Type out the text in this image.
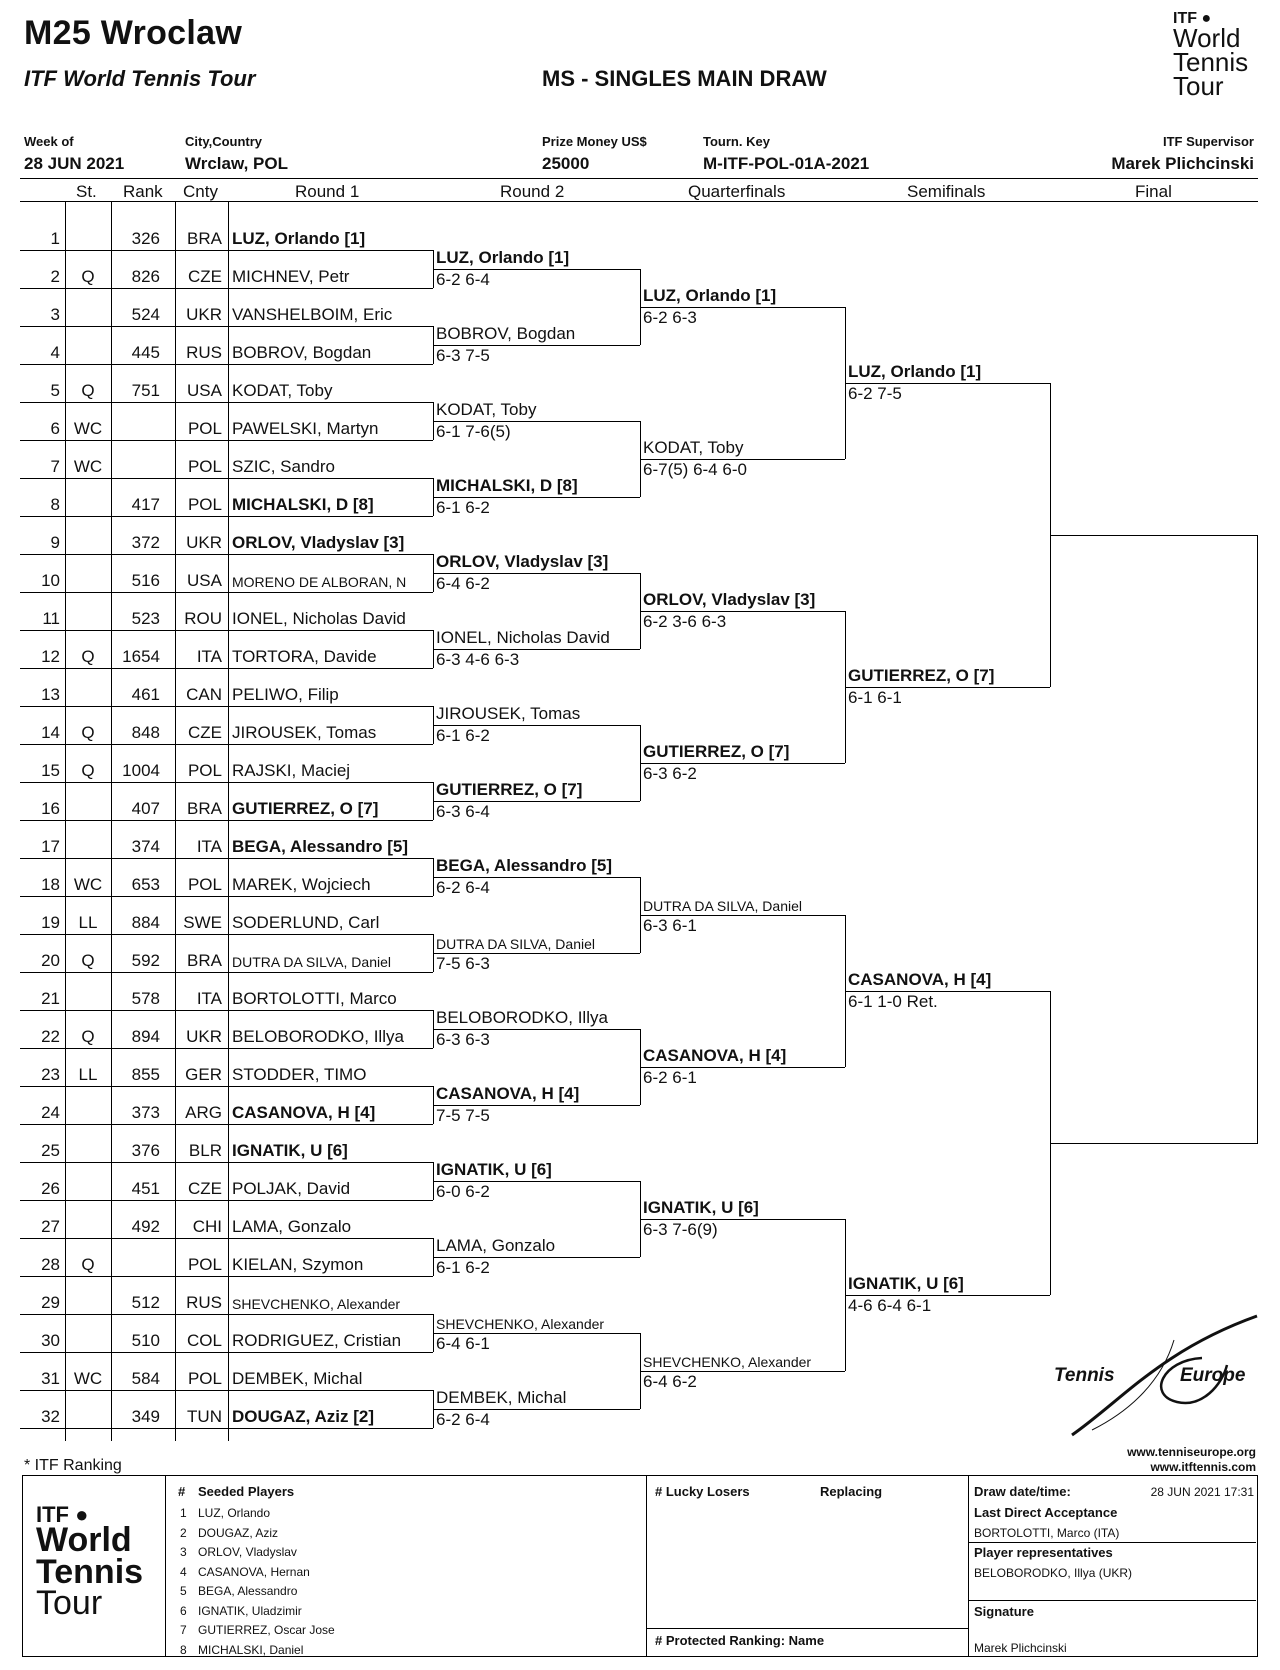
M25 Wroclaw
ITF World Tennis Tour	MS - SINGLES MAIN DRAW
ITF ●
World
Tennis
Tour
Week of
28 JUN 2021
City,Country
Wrclaw, POL
Prize Money US$
25000
Tourn. Key
M-ITF-POL-01A-2021
ITF Supervisor
Marek Plichcinski
St. Rank Cnty	Round 1	Round 2	Quarterfinals	Semifinals	Final
1	326	BRA LUZ, Orlando [1]
2	Q	826	CZE MICHNEV, Petr
3	524	UKR VANSHELBOIM, Eric
4	445	RUS BOBROV, Bogdan
5	Q	751	USA KODAT, Toby
6 WC	POL PAWELSKI, Martyn
7 WC	POL SZIC, Sandro
8	417	POL MICHALSKI, D [8]
9	372	UKR ORLOV, Vladyslav [3]
10	516	USA MORENO DE ALBORAN, N
11	523	ROU IONEL, Nicholas David
12	Q	1654	ITA TORTORA, Davide
13	461	CAN PELIWO, Filip
14	Q	848	CZE JIROUSEK, Tomas
15	Q	1004	POL RAJSKI, Maciej
16	407	BRA GUTIERREZ, O [7]
17	374	ITA BEGA, Alessandro [5]
18 WC	653	POL MAREK, Wojciech
19	LL	884	SWE SODERLUND, Carl
20	Q	592	BRA DUTRA DA SILVA, Daniel
21	578	ITA BORTOLOTTI, Marco
22	Q	894	UKR BELOBORODKO, Illya
23	LL	855	GER STODDER, TIMO
24	373	ARG CASANOVA, H [4]
25	376	BLR IGNATIK, U [6]
26	451	CZE POLJAK, David
27	492	CHI LAMA, Gonzalo
28	Q	POL KIELAN, Szymon
29	512	RUS SHEVCHENKO, Alexander
30	510	COL RODRIGUEZ, Cristian
31 WC	584	POL DEMBEK, Michal
32	349	TUN DOUGAZ, Aziz [2]
LUZ, Orlando [1]
6-2 6-4
BOBROV, Bogdan
6-3 7-5
KODAT, Toby
6-1 7-6(5)
MICHALSKI, D [8]
6-1 6-2
ORLOV, Vladyslav [3]
6-4 6-2
IONEL, Nicholas David
6-3 4-6 6-3
JIROUSEK, Tomas
6-1 6-2
GUTIERREZ, O [7]
6-3 6-4
BEGA, Alessandro [5]
6-2 6-4
DUTRA DA SILVA, Daniel
7-5 6-3
BELOBORODKO, Illya
6-3 6-3
CASANOVA, H [4]
7-5 7-5
IGNATIK, U [6]
6-0 6-2
LAMA, Gonzalo
6-1 6-2
SHEVCHENKO, Alexander
6-4 6-1
DEMBEK, Michal
6-2 6-4
LUZ, Orlando [1]
6-2 6-3
KODAT, Toby
6-7(5) 6-4 6-0
ORLOV, Vladyslav [3]
6-2 3-6 6-3
GUTIERREZ, O [7]
6-3 6-2
DUTRA DA SILVA, Daniel
6-3 6-1
CASANOVA, H [4]
6-2 6-1
IGNATIK, U [6]
6-3 7-6(9)
SHEVCHENKO, Alexander
6-4 6-2
LUZ, Orlando [1]
6-2 7-5
GUTIERREZ, O [7]
6-1 6-1
CASANOVA, H [4]
6-1 1-0 Ret.
IGNATIK, U [6]
4-6 6-4 6-1
Tennis	Europe
www.tenniseurope.org
www.itftennis.com
* ITF Ranking
ITF ●
World
Tennis
Tour
# Seeded Players
1 LUZ, Orlando
2 DOUGAZ, Aziz
3 ORLOV, Vladyslav
4 CASANOVA, Hernan
5 BEGA, Alessandro
6 IGNATIK, Uladzimir
7 GUTIERREZ, Oscar Jose
8 MICHALSKI, Daniel
# Lucky Losers	Replacing
# Protected Ranking: Name
Draw date/time:	28 JUN 2021 17:31
Last Direct Acceptance
BORTOLOTTI, Marco (ITA)
Player representatives
BELOBORODKO, Illya (UKR)
Signature
Marek Plichcinski
